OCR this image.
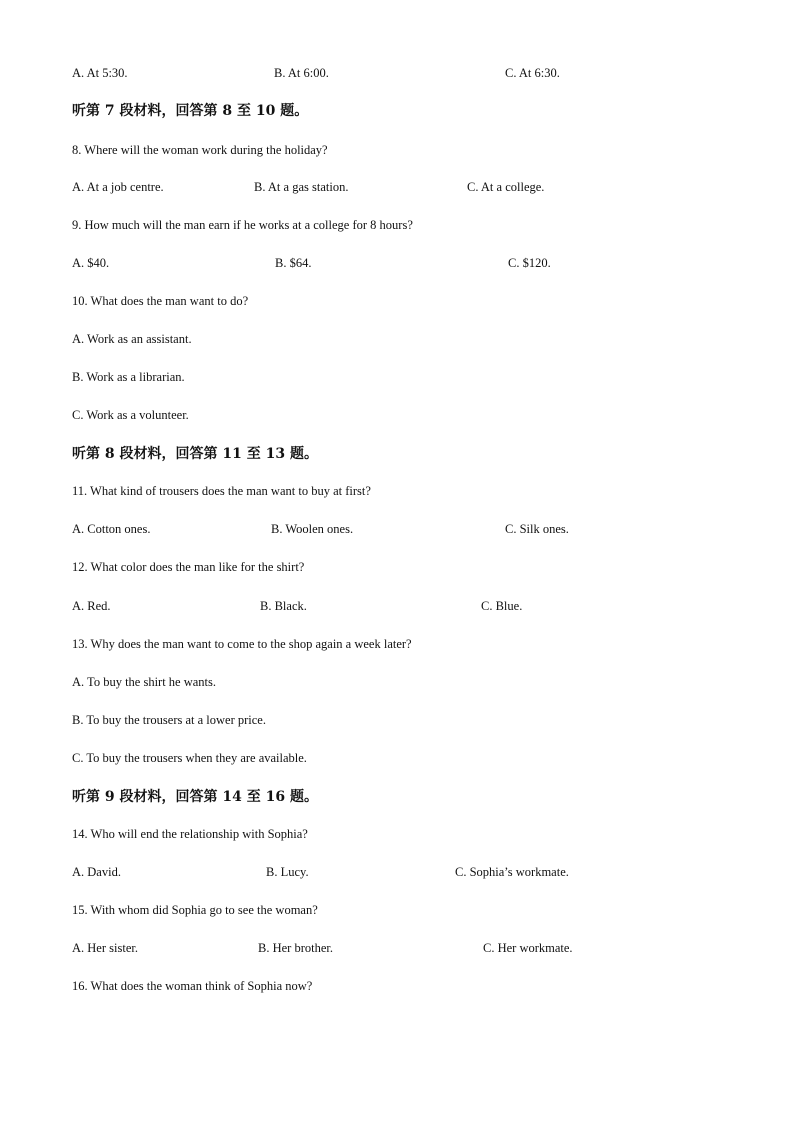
A. At 5:30.	B. At 6:00.	C. At 6:30.
听第 7 段材料，回答第 8 至 10 题。
8. Where will the woman work during the holiday?
A. At a job centre.	B. At a gas station.	C. At a college.
9. How much will the man earn if he works at a college for 8 hours?
A. $40.	B. $64.	C. $120.
10. What does the man want to do?
A. Work as an assistant.
B. Work as a librarian.
C. Work as a volunteer.
听第 8 段材料，回答第 11 至 13 题。
11. What kind of trousers does the man want to buy at first?
A. Cotton ones.	B. Woolen ones.	C. Silk ones.
12. What color does the man like for the shirt?
A. Red.	B. Black.	C. Blue.
13. Why does the man want to come to the shop again a week later?
A. To buy the shirt he wants.
B. To buy the trousers at a lower price.
C. To buy the trousers when they are available.
听第 9 段材料，回答第 14 至 16 题。
14. Who will end the relationship with Sophia?
A. David.	B. Lucy.	C. Sophia’s workmate.
15. With whom did Sophia go to see the woman?
A. Her sister.	B. Her brother.	C. Her workmate.
16. What does the woman think of Sophia now?
